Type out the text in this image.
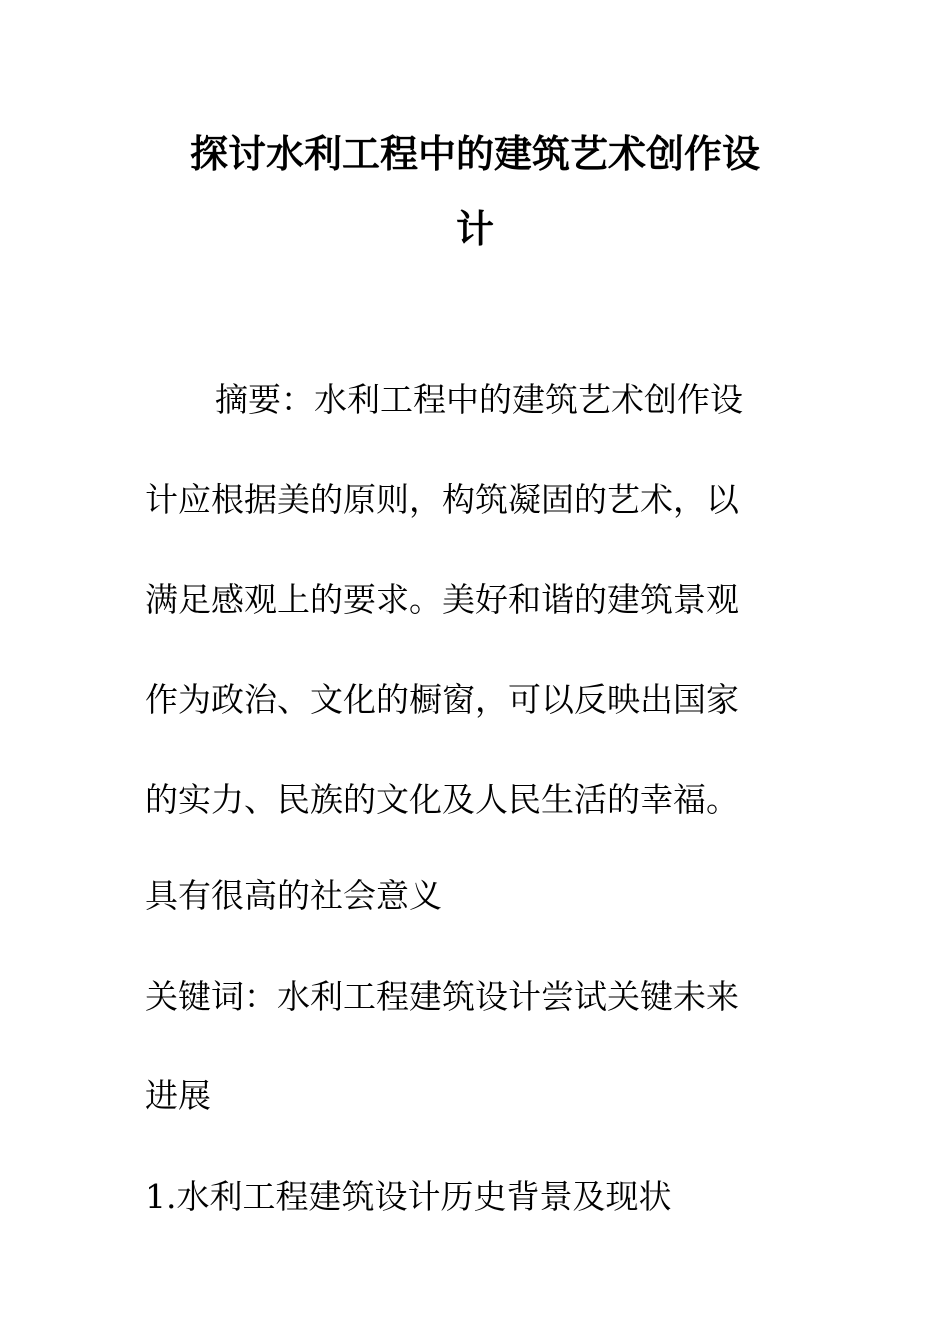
探讨水利工程中的建筑艺术创作设
计
摘要：水利工程中的建筑艺术创作设
计应根据美的原则，构筑凝固的艺术，以
满足感观上的要求。美好和谐的建筑景观
作为政治、文化的橱窗，可以反映出国家
的实力、民族的文化及人民生活的幸福。
具有很高的社会意义
关键词：水利工程建筑设计尝试关键未来
进展
1.水利工程建筑设计历史背景及现状
